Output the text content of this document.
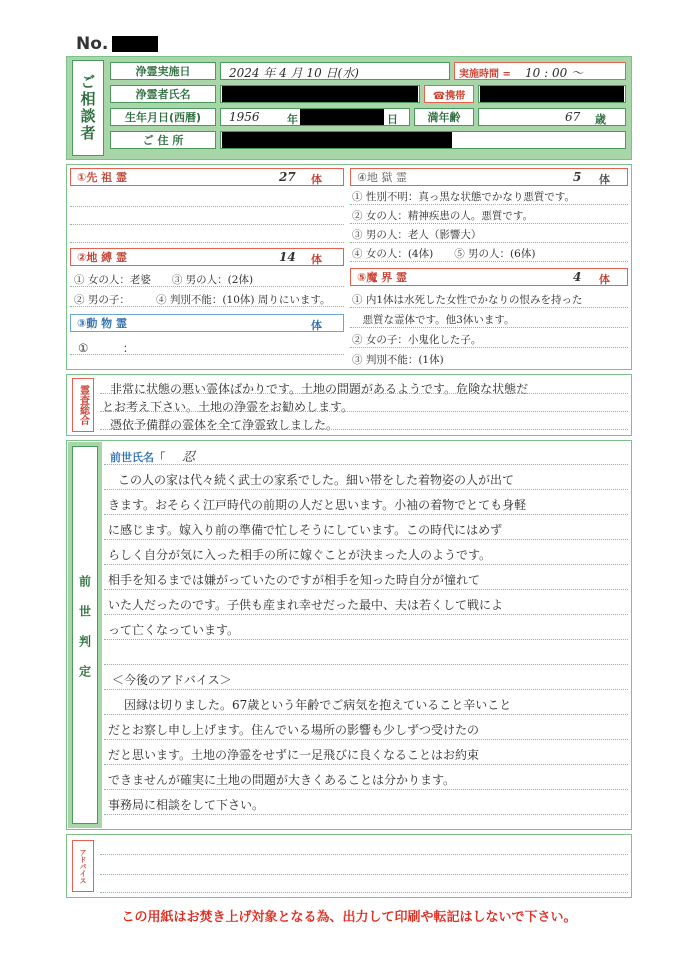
No.
ご相談者
浄霊実施日	2024 年 4 月 10 日(水)	実施時間 = 10 : 00 ～
浄霊者氏名	☎携帯
生年月日(西暦)	1956 年	日	満年齢	67 歳
ご 住 所
①先 祖 霊	27 体
②地 縛 霊	14 体
① 女の人：老婆　　③ 男の人：(2体)
② 男の子：　　　④ 判別不能：(10体) 周りにいます。
③動 物 霊	体
①　　　：
④地 獄 霊	5 体
① 性別不明：真っ黒な状態でかなり悪質です。
② 女の人：精神疾患の人。悪質です。
③ 男の人：老人（影響大）
④ 女の人：(4体)　　⑤ 男の人：(6体)
⑤魔 界 霊	4 体
① 内1体は水死した女性でかなりの恨みを持った
　悪質な霊体です。他3体います。
② 女の子：小鬼化した子。
③ 判別不能：(1体)
霊査総合 非常に状態の悪い霊体ばかりです。土地の問題があるようです。危険な状態だ
とお考え下さい。土地の浄霊をお勧めします。
憑依予備群の霊体を全て浄霊致しました。
前世判定
前世氏名「 忍
この人の家は代々続く武士の家系でした。細い帯をした着物姿の人が出て
きます。おそらく江戸時代の前期の人だと思います。小袖の着物でとても身軽
に感じます。嫁入り前の準備で忙しそうにしています。この時代にはめず
らしく自分が気に入った相手の所に嫁ぐことが決まった人のようです。
相手を知るまでは嫌がっていたのですが相手を知った時自分が憧れて
いた人だったのです。子供も産まれ幸せだった最中、夫は若くして戦によ
って亡くなっています。
＜今後のアドバイス＞
因縁は切りました。67歳という年齢でご病気を抱えていること辛いこと
だとお察し申し上げます。住んでいる場所の影響も少しずつ受けたの
だと思います。土地の浄霊をせずに一足飛びに良くなることはお約束
できませんが確実に土地の問題が大きくあることは分かります。
事務局に相談をして下さい。
アドバイス
この用紙はお焚き上げ対象となる為、出力して印刷や転記はしないで下さい。
